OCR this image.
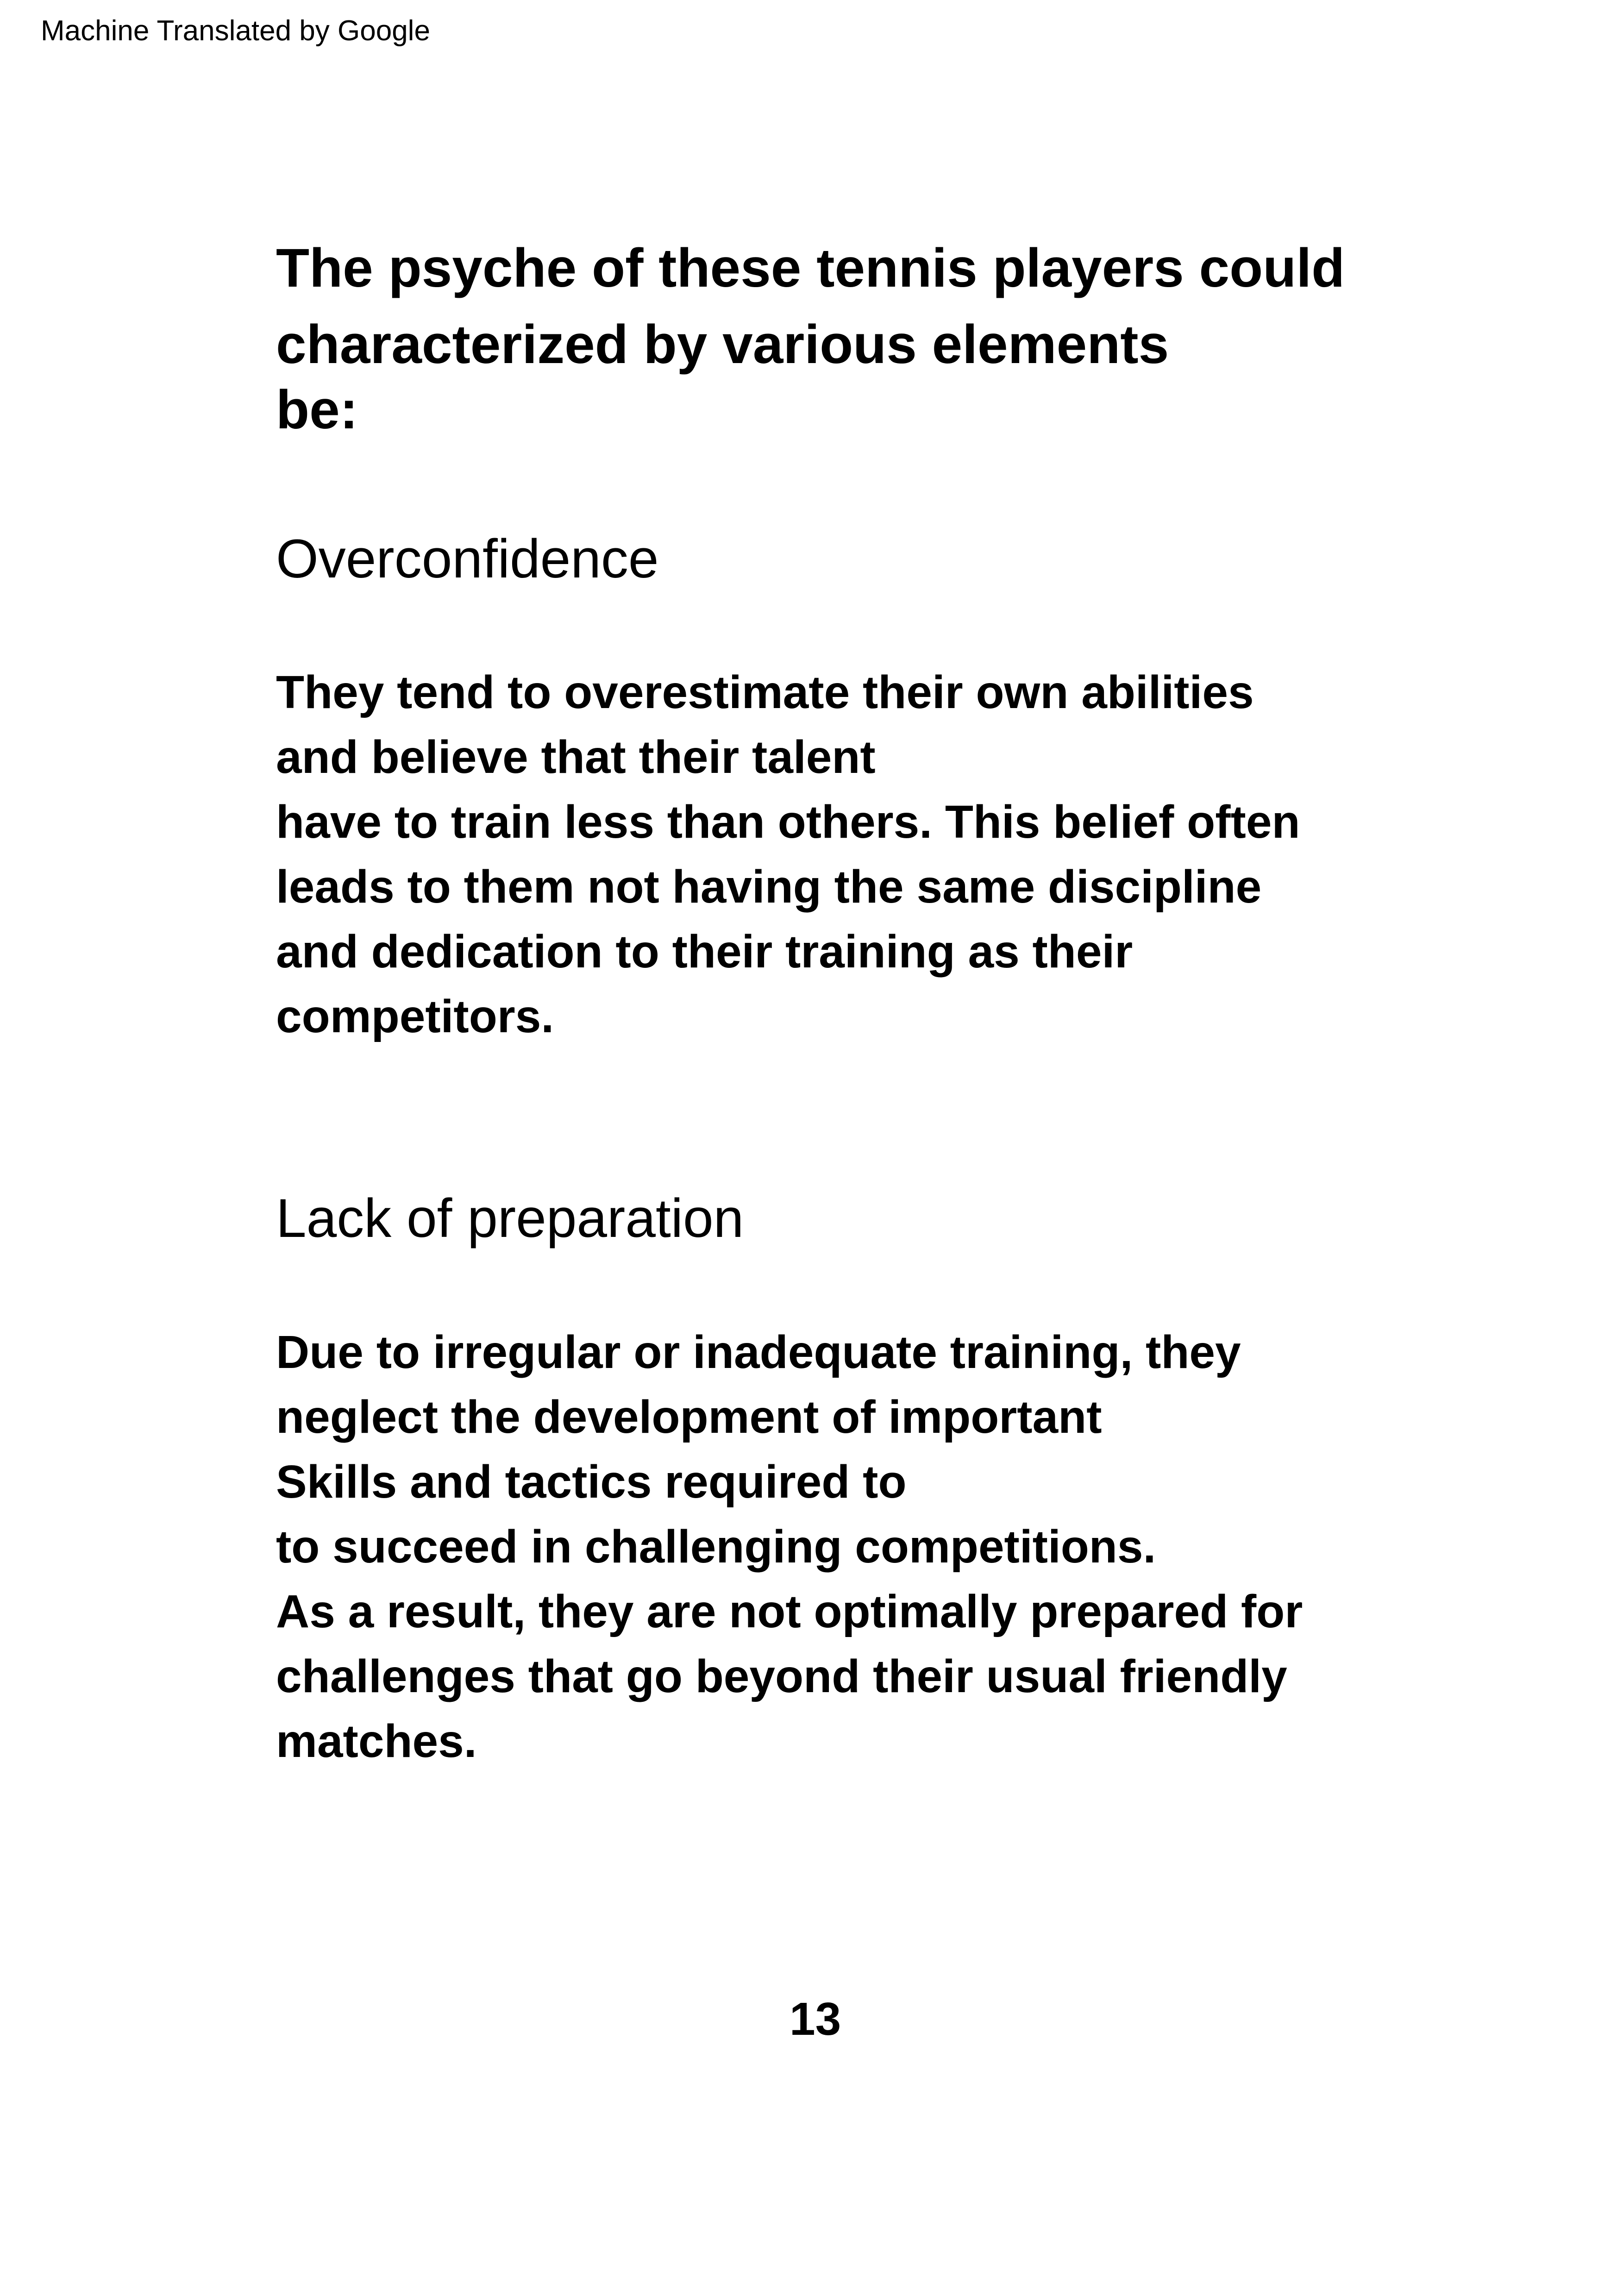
Machine Translated by Google
The psyche of these tennis players could
characterized by various elements
be:
Overconfidence
They tend to overestimate their own abilities
and believe that their talent
have to train less than others. This belief often
leads to them not having the same discipline
and dedication to their training as their
competitors.
Lack of preparation
Due to irregular or inadequate training, they
neglect the development of important
Skills and tactics required to
to succeed in challenging competitions.
As a result, they are not optimally prepared for
challenges that go beyond their usual friendly
matches.
13
